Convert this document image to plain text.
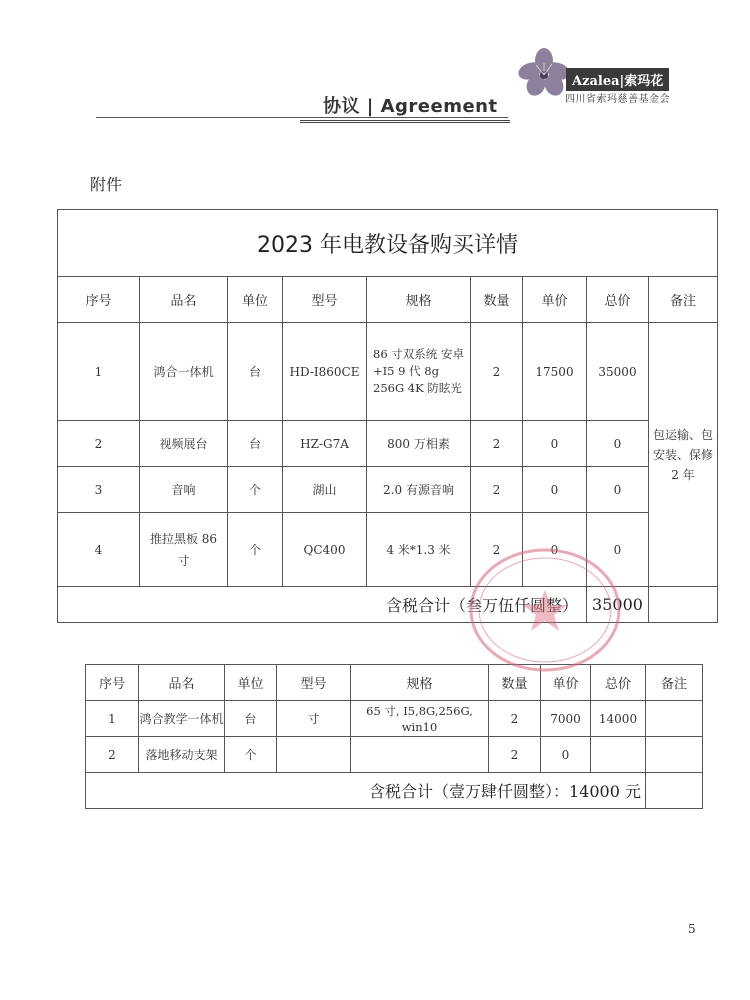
协议 | Agreement
Azalea|索玛花
四川省索玛慈善基金会
附件
2023 年电教设备购买详情								
序号	品名	单位	型号	规格	数量	单价	总价	备注
1	鸿合一体机	台	HD-I860CE	86 寸双系统 安卓+I5 9 代 8g 256G 4K 防眩光	2	17500	35000	包运输、包安装、保修 2 年
2	视频展台	台	HZ-G7A	800 万相素	2	0	0	
3	音响	个	湖山	2.0 有源音响	2	0	0	
4	推拉黑板 86 寸	个	QC400	4 米*1.3 米	2	0	0	
含税合计（叁万伍仟圆整）							35000	
序号	品名	单位	型号	规格	数量	单价	总价	备注
1	鸿合教学一体机	台	寸	65 寸, I5,8G,256G, win10	2	7000	14000	
2	落地移动支架	个			2	0		
含税合计（壹万肆仟圆整）：14000 元								
5
